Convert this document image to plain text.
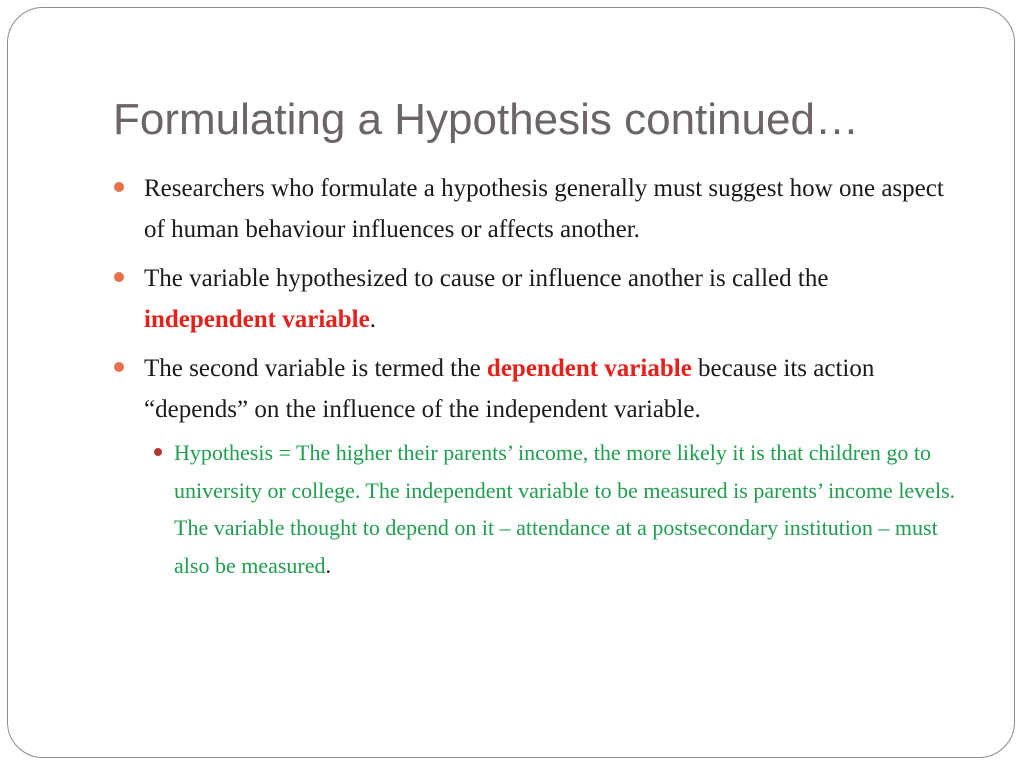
Formulating a Hypothesis continued…
Researchers who formulate a hypothesis generally must suggest how one aspect of human behaviour influences or affects another.
The variable hypothesized to cause or influence another is called the independent variable.
The second variable is termed the dependent variable because its action “depends” on the influence of the independent variable.
Hypothesis = The higher their parents’ income, the more likely it is that children go to university or college. The independent variable to be measured is parents’ income levels. The variable thought to depend on it – attendance at a postsecondary institution – must also be measured.
